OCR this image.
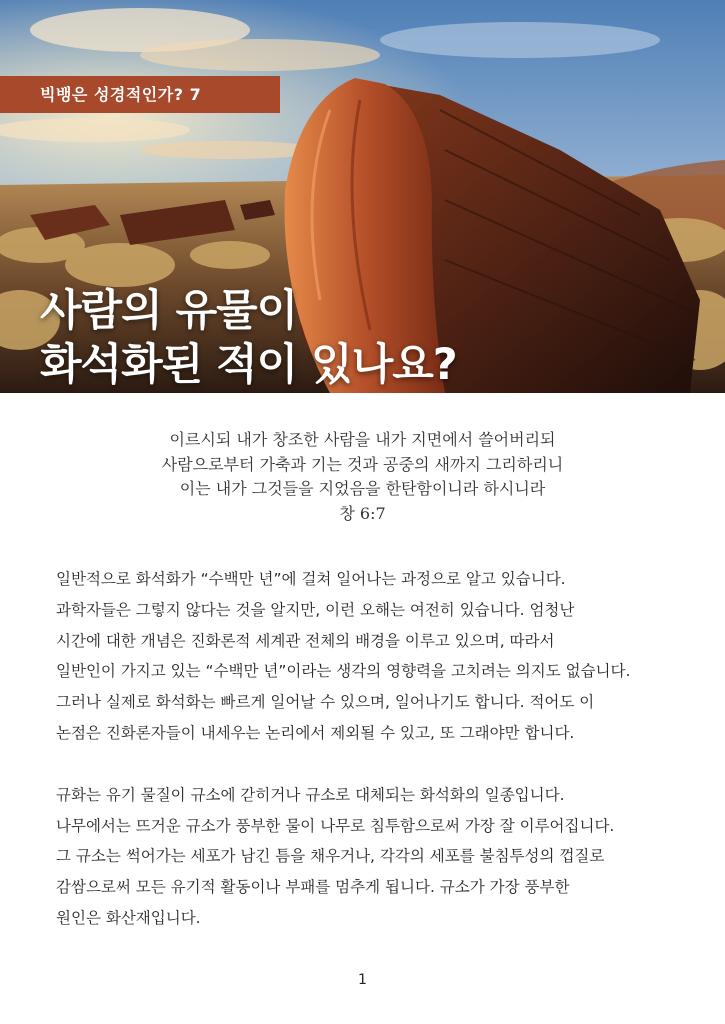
빅뱅은 성경적인가? 7
사람의 유물이
화석화된 적이 있나요?
이르시되 내가 창조한 사람을 내가 지면에서 쓸어버리되
사람으로부터 가축과 기는 것과 공중의 새까지 그리하리니
이는 내가 그것들을 지었음을 한탄함이니라 하시니라
창 6:7

일반적으로 화석화가 “수백만 년”에 걸쳐 일어나는 과정으로 알고 있습니다.
과학자들은 그렇지 않다는 것을 알지만, 이런 오해는 여전히 있습니다. 엄청난
시간에 대한 개념은 진화론적 세계관 전체의 배경을 이루고 있으며, 따라서
일반인이 가지고 있는 “수백만 년”이라는 생각의 영향력을 고치려는 의지도 없습니다.
그러나 실제로 화석화는 빠르게 일어날 수 있으며, 일어나기도 합니다. 적어도 이
논점은 진화론자들이 내세우는 논리에서 제외될 수 있고, 또 그래야만 합니다.

규화는 유기 물질이 규소에 갇히거나 규소로 대체되는 화석화의 일종입니다.
나무에서는 뜨거운 규소가 풍부한 물이 나무로 침투함으로써 가장 잘 이루어집니다.
그 규소는 썩어가는 세포가 남긴 틈을 채우거나, 각각의 세포를 불침투성의 껍질로
감쌈으로써 모든 유기적 활동이나 부패를 멈추게 됩니다. 규소가 가장 풍부한
원인은 화산재입니다.

1
